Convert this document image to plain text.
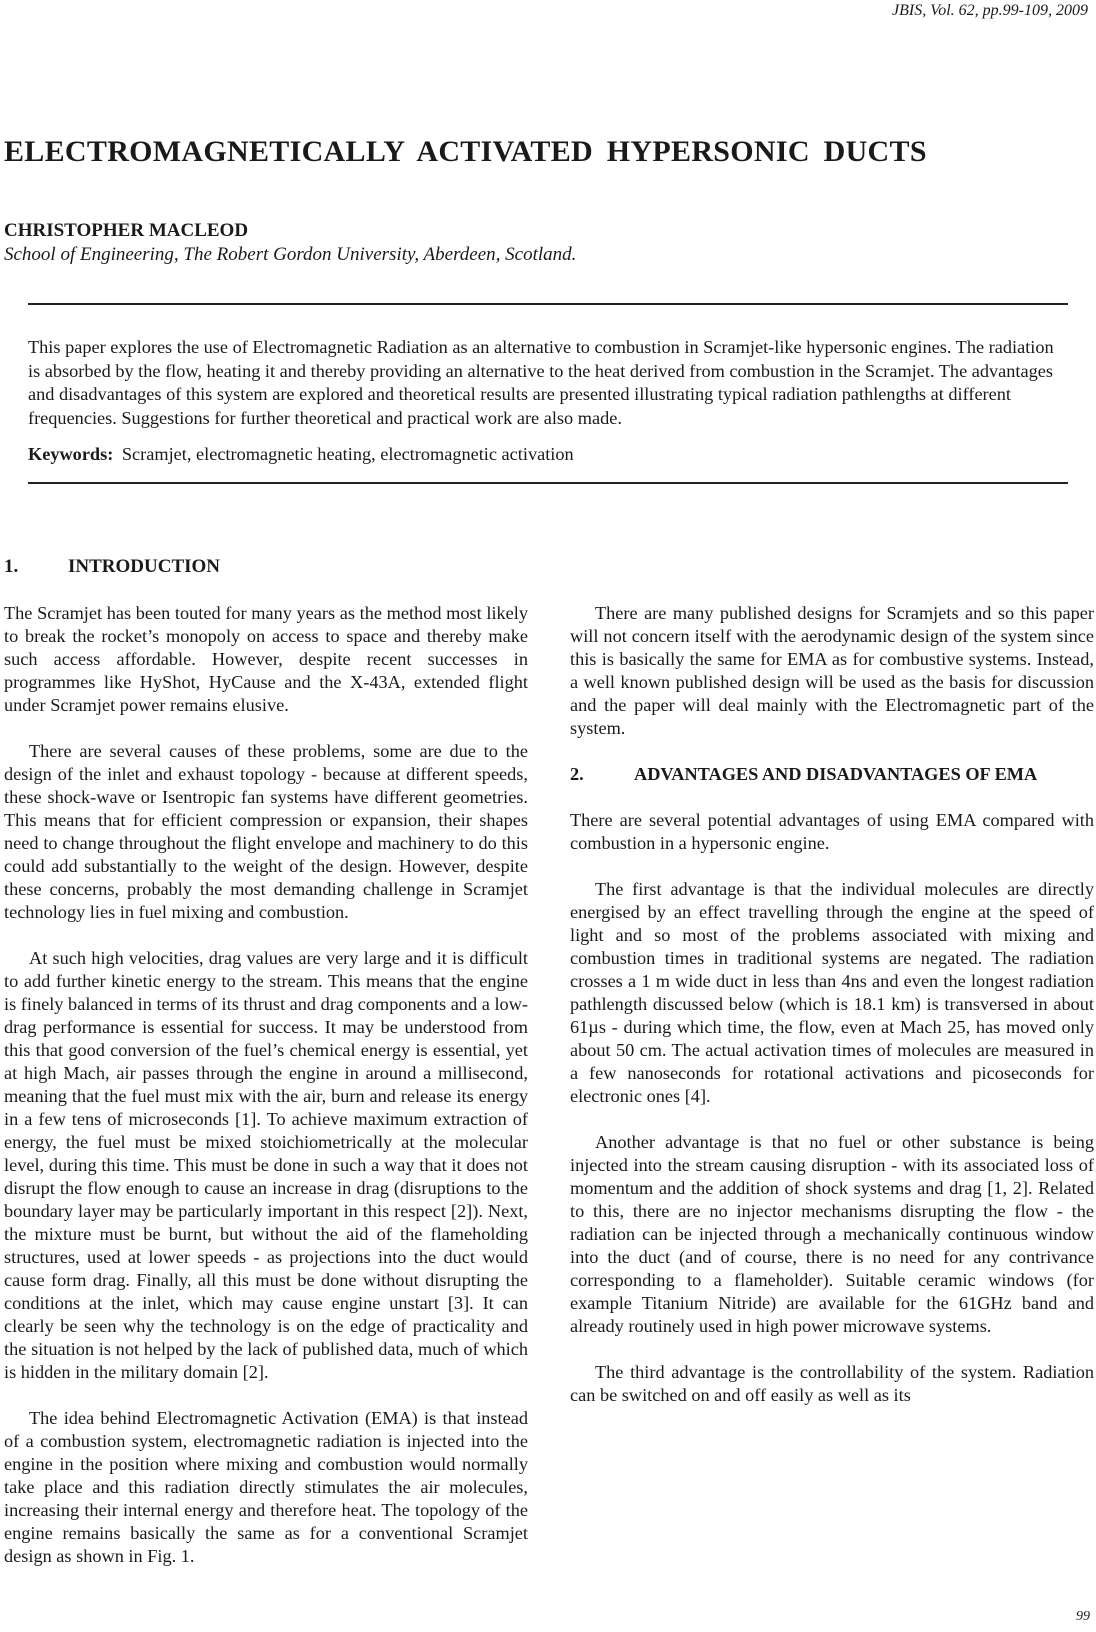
JBIS, Vol. 62, pp.99-109, 2009
ELECTROMAGNETICALLY ACTIVATED HYPERSONIC DUCTS
CHRISTOPHER MACLEOD
School of Engineering, The Robert Gordon University, Aberdeen, Scotland.

This paper explores the use of Electromagnetic Radiation as an alternative to combustion in Scramjet-like hypersonic engines. The radiation is absorbed by the flow, heating it and thereby providing an alternative to the heat derived from combustion in the Scramjet. The advantages and disadvantages of this system are explored and theoretical results are presented illustrating typical radiation pathlengths at different frequencies. Suggestions for further theoretical and practical work are also made.

Keywords: Scramjet, electromagnetic heating, electromagnetic activation
1.	INTRODUCTION

The Scramjet has been touted for many years as the method most likely to break the rocket’s monopoly on access to space and thereby make such access affordable. However, despite recent successes in programmes like HyShot, HyCause and the X-43A, extended flight under Scramjet power remains elusive.

There are several causes of these problems, some are due to the design of the inlet and exhaust topology - because at different speeds, these shock-wave or Isentropic fan systems have different geometries. This means that for efficient compression or expansion, their shapes need to change throughout the flight envelope and machinery to do this could add substantially to the weight of the design. However, despite these concerns, probably the most demanding challenge in Scramjet technology lies in fuel mixing and combustion.

At such high velocities, drag values are very large and it is difficult to add further kinetic energy to the stream. This means that the engine is finely balanced in terms of its thrust and drag components and a low-drag performance is essential for success. It may be understood from this that good conversion of the fuel’s chemical energy is essential, yet at high Mach, air passes through the engine in around a millisecond, meaning that the fuel must mix with the air, burn and release its energy in a few tens of microseconds [1]. To achieve maximum extraction of energy, the fuel must be mixed stoichiometrically at the molecular level, during this time. This must be done in such a way that it does not disrupt the flow enough to cause an increase in drag (disruptions to the boundary layer may be particularly important in this respect [2]). Next, the mixture must be burnt, but without the aid of the flameholding structures, used at lower speeds - as projections into the duct would cause form drag. Finally, all this must be done without disrupting the conditions at the inlet, which may cause engine unstart [3]. It can clearly be seen why the technology is on the edge of practicality and the situation is not helped by the lack of published data, much of which is hidden in the military domain [2].

The idea behind Electromagnetic Activation (EMA) is that instead of a combustion system, electromagnetic radiation is injected into the engine in the position where mixing and combustion would normally take place and this radiation directly stimulates the air molecules, increasing their internal energy and therefore heat. The topology of the engine remains basically the same as for a conventional Scramjet design as shown in Fig. 1.

There are many published designs for Scramjets and so this paper will not concern itself with the aerodynamic design of the system since this is basically the same for EMA as for combustive systems. Instead, a well known published design will be used as the basis for discussion and the paper will deal mainly with the Electromagnetic part of the system.

2.	ADVANTAGES AND DISADVANTAGES OF EMA

There are several potential advantages of using EMA compared with combustion in a hypersonic engine.

The first advantage is that the individual molecules are directly energised by an effect travelling through the engine at the speed of light and so most of the problems associated with mixing and combustion times in traditional systems are negated. The radiation crosses a 1 m wide duct in less than 4ns and even the longest radiation pathlength discussed below (which is 18.1 km) is transversed in about 61µs - during which time, the flow, even at Mach 25, has moved only about 50 cm. The actual activation times of molecules are measured in a few nanoseconds for rotational activations and picoseconds for electronic ones [4].

Another advantage is that no fuel or other substance is being injected into the stream causing disruption - with its associated loss of momentum and the addition of shock systems and drag [1, 2]. Related to this, there are no injector mechanisms disrupting the flow - the radiation can be injected through a mechanically continuous window into the duct (and of course, there is no need for any contrivance corresponding to a flameholder). Suitable ceramic windows (for example Titanium Nitride) are available for the 61GHz band and already routinely used in high power microwave systems.

The third advantage is the controllability of the system. Radiation can be switched on and off easily as well as its

99
